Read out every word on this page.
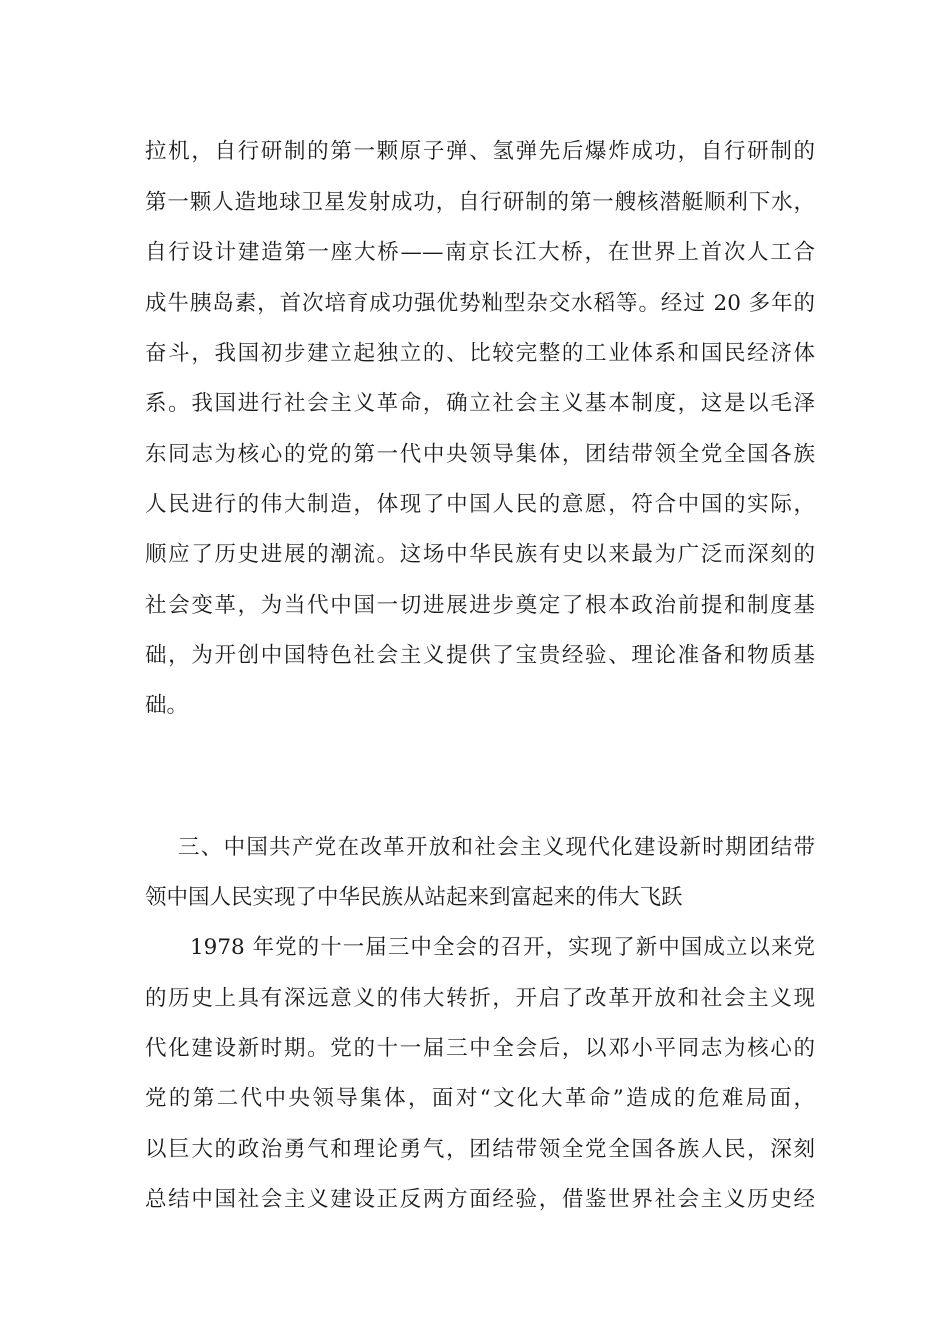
拉机，自行研制的第一颗原子弹、氢弹先后爆炸成功，自行研制的
第一颗人造地球卫星发射成功，自行研制的第一艘核潜艇顺利下水，
自行设计建造第一座大桥——南京长江大桥，在世界上首次人工合
成牛胰岛素，首次培育成功强优势籼型杂交水稻等。经过 20 多年的
奋斗，我国初步建立起独立的、比较完整的工业体系和国民经济体
系。我国进行社会主义革命，确立社会主义基本制度，这是以毛泽
东同志为核心的党的第一代中央领导集体，团结带领全党全国各族
人民进行的伟大制造，体现了中国人民的意愿，符合中国的实际，
顺应了历史进展的潮流。这场中华民族有史以来最为广泛而深刻的
社会变革，为当代中国一切进展进步奠定了根本政治前提和制度基
础，为开创中国特色社会主义提供了宝贵经验、理论准备和物质基
础。
三、中国共产党在改革开放和社会主义现代化建设新时期团结带
领中国人民实现了中华民族从站起来到富起来的伟大飞跃
1978 年党的十一届三中全会的召开，实现了新中国成立以来党
的历史上具有深远意义的伟大转折，开启了改革开放和社会主义现
代化建设新时期。党的十一届三中全会后，以邓小平同志为核心的
党的第二代中央领导集体，面对“文化大革命”造成的危难局面，
以巨大的政治勇气和理论勇气，团结带领全党全国各族人民，深刻
总结中国社会主义建设正反两方面经验，借鉴世界社会主义历史经
